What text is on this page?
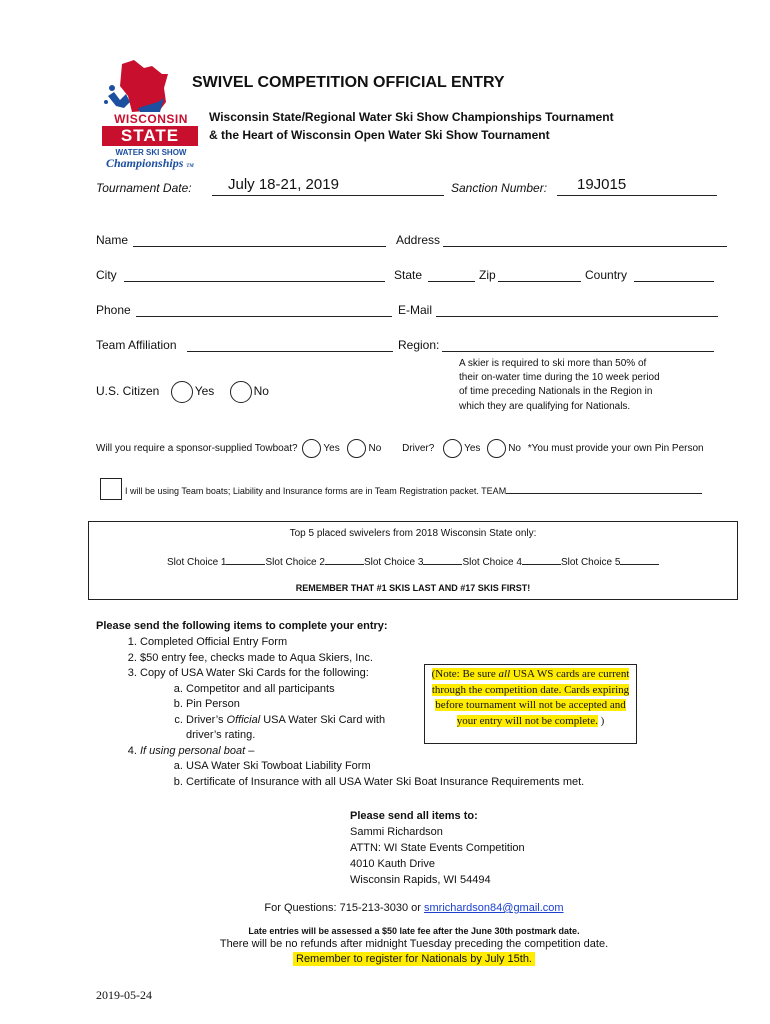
WISCONSIN
STATE
WATER SKI SHOW
Championships TM
SWIVEL COMPETITION OFFICIAL ENTRY
Wisconsin State/Regional Water Ski Show Championships Tournament
& the Heart of Wisconsin Open Water Ski Show Tournament
Tournament Date: July 18-21, 2019	Sanction Number: 19J015
Name	Address
City	State	Zip	Country
Phone	E-Mail
Team Affiliation	Region:
U.S. Citizen	Yes	No
A skier is required to ski more than 50% of their on-water time during the 10 week period of time preceding Nationals in the Region in which they are qualifying for Nationals.
Will you require a sponsor-supplied Towboat?	Yes	No Driver?	Yes	No *You must provide your own Pin Person
I will be using Team boats; Liability and Insurance forms are in Team Registration packet. TEAM
Top 5 placed swivelers from 2018 Wisconsin State only:
Slot Choice 1	Slot Choice 2	Slot Choice 3	Slot Choice 4	Slot Choice 5
REMEMBER THAT #1 SKIS LAST AND #17 SKIS FIRST!
Please send the following items to complete your entry:
1. Completed Official Entry Form
2. $50 entry fee, checks made to Aqua Skiers, Inc.
3. Copy of USA Water Ski Cards for the following:
a. Competitor and all participants
b. Pin Person
c. Driver’s Official USA Water Ski Card with driver’s rating.
4. If using personal boat –
a. USA Water Ski Towboat Liability Form
b. Certificate of Insurance with all USA Water Ski Boat Insurance Requirements met.
(Note: Be sure all USA WS cards are current through the competition date. Cards expiring before tournament will not be accepted and your entry will not be complete. )
Please send all items to:
Sammi Richardson
ATTN: WI State Events Competition
4010 Kauth Drive
Wisconsin Rapids, WI 54494
For Questions: 715-213-3030 or smrichardson84@gmail.com
Late entries will be assessed a $50 late fee after the June 30th postmark date.
There will be no refunds after midnight Tuesday preceding the competition date.
Remember to register for Nationals by July 15th.
2019-05-24
